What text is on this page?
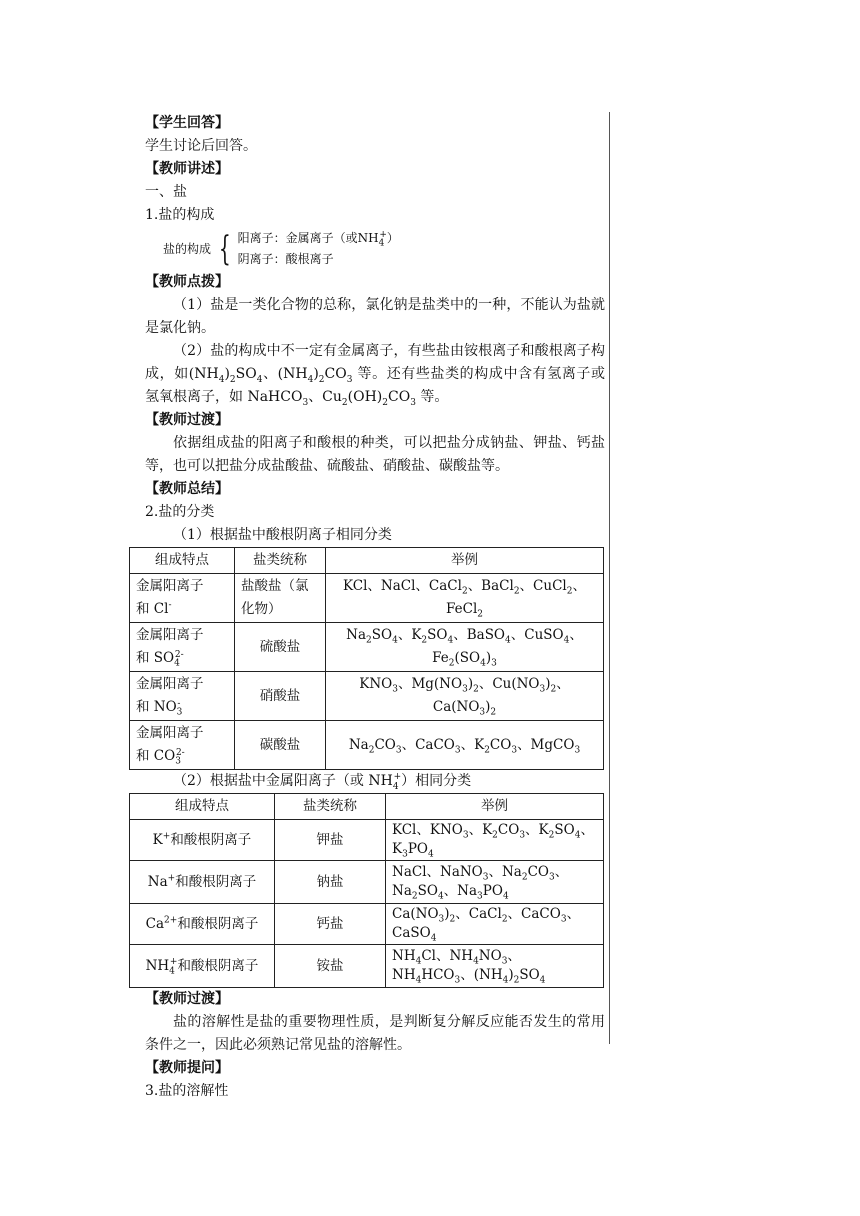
【学生回答】
学生讨论后回答。
【教师讲述】
一、盐
1.盐的构成
盐的构成 { 阳离子：金属离子（或$NH_4^+$）
阴离子：酸根离子
【教师点拨】
（1）盐是一类化合物的总称，氯化钠是盐类中的一种，不能认为盐就是氯化钠。
（2）盐的构成中不一定有金属离子，有些盐由铵根离子和酸根离子构成，如$(NH_4)_2SO_4$、$(NH_4)_2CO_3$ 等。还有些盐类的构成中含有氢离子或氢氧根离子，如 NaHCO$_3$、$Cu_2(OH)_2CO_3$ 等。
【教师过渡】
依据组成盐的阳离子和酸根的种类，可以把盐分成钠盐、钾盐、钙盐等，也可以把盐分成盐酸盐、硫酸盐、硝酸盐、碳酸盐等。
【教师总结】
2.盐的分类
（1）根据盐中酸根阴离子相同分类
组成特点	盐类统称	举例
金属阳离子
和 Cl-	盐酸盐（氯化物）	KCl、NaCl、CaCl$_2$、BaCl$_2$、CuCl$_2$、FeCl$_2$
金属阳离子
和 $SO_4^{2-}$	硫酸盐	$Na_2SO_4$、$K_2SO_4$、BaSO$_4$、CuSO$_4$、$Fe_2(SO_4)_3$
金属阳离子
和 $NO_3^-$	硝酸盐	$KNO_3$、$Mg(NO_3)_2$、$Cu(NO_3)_2$、$Ca(NO_3)_2$
金属阳离子
和 $CO_3^{2-}$	碳酸盐	$Na_2CO_3$、CaCO$_3$、$K_2CO_3$、MgCO$_3$
（2）根据盐中金属阳离子（或 $NH_4^+$）相同分类
组成特点	盐类统称	举例
K+和酸根阴离子	钾盐	KCl、$KNO_3$、$K_2CO_3$、$K_2SO_4$、$K_3PO_4$
Na+和酸根阴离子	钠盐	NaCl、NaNO$_3$、$Na_2CO_3$、$Na_2SO_4$、$Na_3PO_4$
$Ca^{2+}$和酸根阴离子	钙盐	$Ca(NO_3)_2$、CaCl$_2$、CaCO$_3$、CaSO$_4$
$NH_4^+$和酸根阴离子	铵盐	$NH_4Cl$、$NH_4NO_3$、$NH_4HCO_3$、$(NH_4)_2SO_4$
【教师过渡】
盐的溶解性是盐的重要物理性质，是判断复分解反应能否发生的常用条件之一，因此必须熟记常见盐的溶解性。
【教师提问】
3.盐的溶解性
